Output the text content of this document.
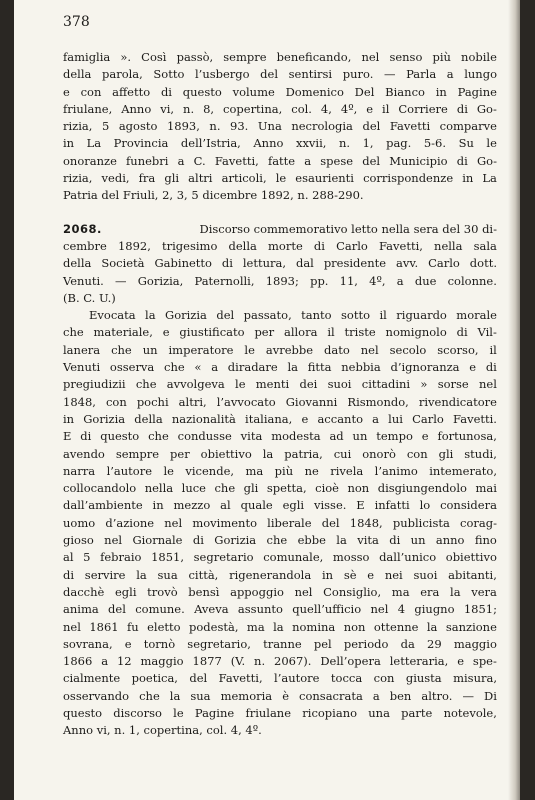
378
famiglia ». Così passò, sempre beneficando, nel senso più nobile
della parola, Sotto l’usbergo del sentirsi puro. — Parla a lungo
e con affetto di questo volume Domenico Del Bianco in Pagine
friulane, Anno vi, n. 8, copertina, col. 4, 4º, e il Corriere di Go-
rizia, 5 agosto 1893, n. 93. Una necrologia del Favetti comparve
in La Provincia dell’Istria, Anno xxvii, n. 1, pag. 5-6. Su le
onoranze funebri a C. Favetti, fatte a spese del Municipio di Go-
rizia, vedi, fra gli altri articoli, le esaurienti corrispondenze in La
Patria del Friuli, 2, 3, 5 dicembre 1892, n. 288-290.
2068.	Discorso commemorativo letto nella sera del 30 di-
cembre 1892, trigesimo della morte di Carlo Favetti, nella sala
della Società Gabinetto di lettura, dal presidente avv. Carlo dott.
Venuti. — Gorizia, Paternolli, 1893; pp. 11, 4º, a due colonne.
(B. C. U.)
Evocata la Gorizia del passato, tanto sotto il riguardo morale
che materiale, e giustificato per allora il triste nomignolo di Vil-
lanera che un imperatore le avrebbe dato nel secolo scorso, il
Venuti osserva che « a diradare la fitta nebbia d’ignoranza e di
pregiudizii che avvolgeva le menti dei suoi cittadini » sorse nel
1848, con pochi altri, l’avvocato Giovanni Rismondo, rivendicatore
in Gorizia della nazionalità italiana, e accanto a lui Carlo Favetti.
E di questo che condusse vita modesta ad un tempo e fortunosa,
avendo sempre per obiettivo la patria, cui onorò con gli studi,
narra l’autore le vicende, ma più ne rivela l’animo intemerato,
collocandolo nella luce che gli spetta, cioè non disgiungendolo mai
dall’ambiente in mezzo al quale egli visse. E infatti lo considera
uomo d’azione nel movimento liberale del 1848, publicista corag-
gioso nel Giornale di Gorizia che ebbe la vita di un anno fino
al 5 febraio 1851, segretario comunale, mosso dall’unico obiettivo
di servire la sua città, rigenerandola in sè e nei suoi abitanti,
dacchè egli trovò bensì appoggio nel Consiglio, ma era la vera
anima del comune. Aveva assunto quell’ufficio nel 4 giugno 1851;
nel 1861 fu eletto podestà, ma la nomina non ottenne la sanzione
sovrana, e tornò segretario, tranne pel periodo da 29 maggio
1866 a 12 maggio 1877 (V. n. 2067). Dell’opera letteraria, e spe-
cialmente poetica, del Favetti, l’autore tocca con giusta misura,
osservando che la sua memoria è consacrata a ben altro. — Di
questo discorso le Pagine friulane ricopiano una parte notevole,
Anno vi, n. 1, copertina, col. 4, 4º.
